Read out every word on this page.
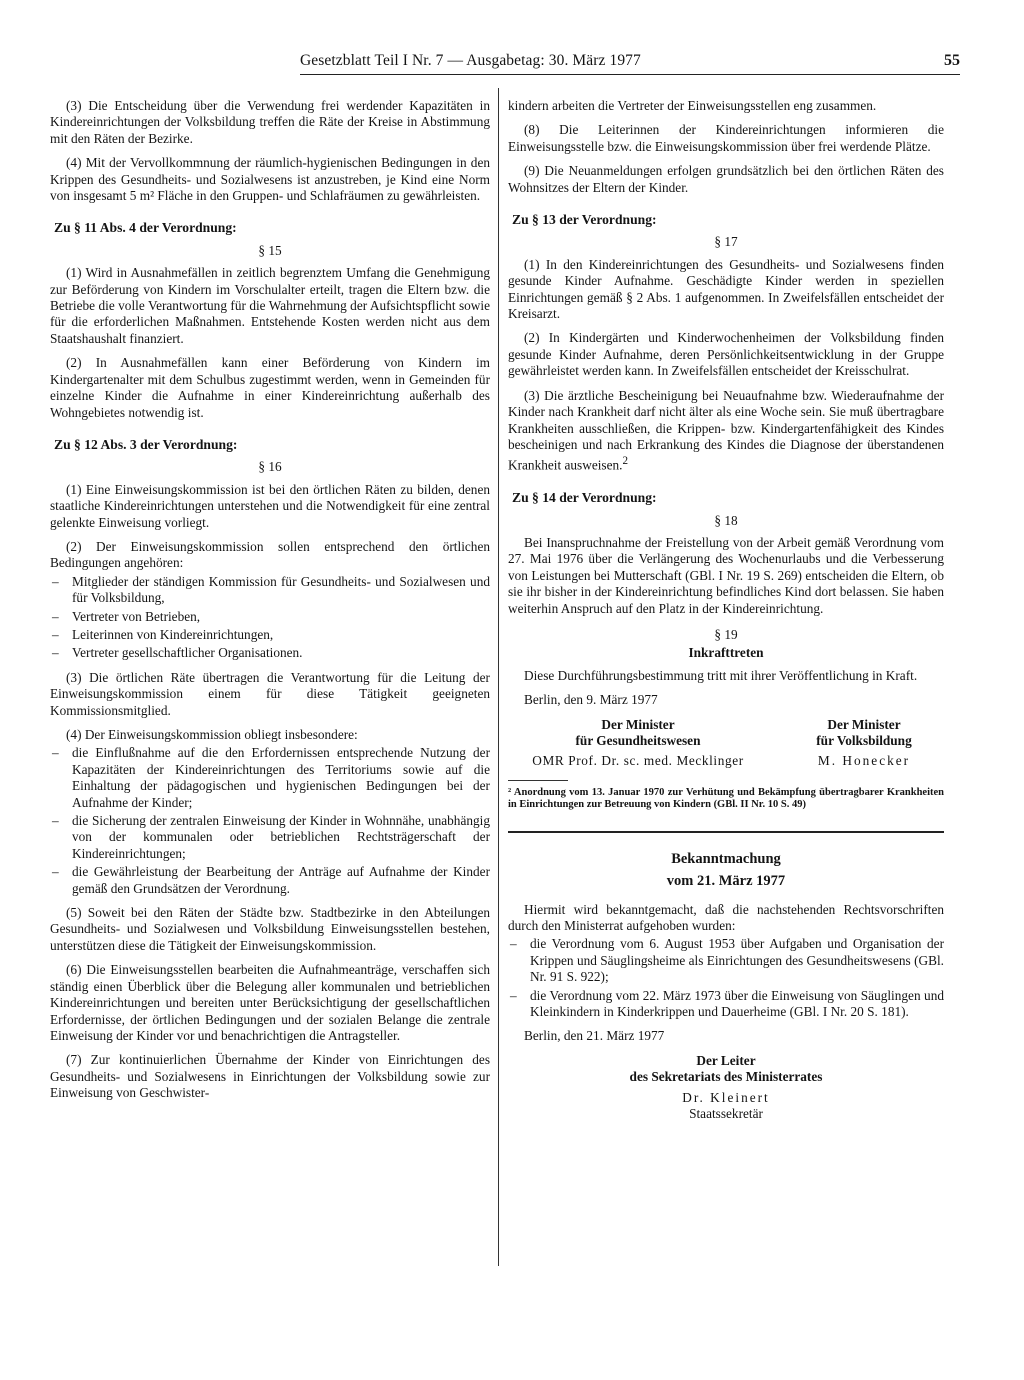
Gesetzblatt Teil I Nr. 7 — Ausgabetag: 30. März 1977	55

(3) Die Entscheidung über die Verwendung frei werdender Kapazitäten in Kindereinrichtungen der Volksbildung treffen die Räte der Kreise in Abstimmung mit den Räten der Bezirke.

(4) Mit der Vervollkommnung der räumlich-hygienischen Bedingungen in den Krippen des Gesundheits- und Sozialwesens ist anzustreben, je Kind eine Norm von insgesamt 5 m² Fläche in den Gruppen- und Schlafräumen zu gewährleisten.

Zu § 11 Abs. 4 der Verordnung:
§ 15

(1) Wird in Ausnahmefällen in zeitlich begrenztem Umfang die Genehmigung zur Beförderung von Kindern im Vorschulalter erteilt, tragen die Eltern bzw. die Betriebe die volle Verantwortung für die Wahrnehmung der Aufsichtspflicht sowie für die erforderlichen Maßnahmen. Entstehende Kosten werden nicht aus dem Staatshaushalt finanziert.

(2) In Ausnahmefällen kann einer Beförderung von Kindern im Kindergartenalter mit dem Schulbus zugestimmt werden, wenn in Gemeinden für einzelne Kinder die Aufnahme in einer Kindereinrichtung außerhalb des Wohngebietes notwendig ist.

Zu § 12 Abs. 3 der Verordnung:
§ 16

(1) Eine Einweisungskommission ist bei den örtlichen Räten zu bilden, denen staatliche Kindereinrichtungen unterstehen und die Notwendigkeit für eine zentral gelenkte Einweisung vorliegt.

(2) Der Einweisungskommission sollen entsprechend den örtlichen Bedingungen angehören:

– Mitglieder der ständigen Kommission für Gesundheits- und Sozialwesen und für Volksbildung,

– Vertreter von Betrieben,

– Leiterinnen von Kindereinrichtungen,

– Vertreter gesellschaftlicher Organisationen.

(3) Die örtlichen Räte übertragen die Verantwortung für die Leitung der Einweisungskommission einem für diese Tätigkeit geeigneten Kommissionsmitglied.

(4) Der Einweisungskommission obliegt insbesondere:

– die Einflußnahme auf die den Erfordernissen entsprechende Nutzung der Kapazitäten der Kindereinrichtungen des Territoriums sowie auf die Einhaltung der pädagogischen und hygienischen Bedingungen bei der Aufnahme der Kinder;

– die Sicherung der zentralen Einweisung der Kinder in Wohnnähe, unabhängig von der kommunalen oder betrieblichen Rechtsträgerschaft der Kindereinrichtungen;

– die Gewährleistung der Bearbeitung der Anträge auf Aufnahme der Kinder gemäß den Grundsätzen der Verordnung.

(5) Soweit bei den Räten der Städte bzw. Stadtbezirke in den Abteilungen Gesundheits- und Sozialwesen und Volksbildung Einweisungsstellen bestehen, unterstützen diese die Tätigkeit der Einweisungskommission.

(6) Die Einweisungsstellen bearbeiten die Aufnahmeanträge, verschaffen sich ständig einen Überblick über die Belegung aller kommunalen und betrieblichen Kindereinrichtungen und bereiten unter Berücksichtigung der gesellschaftlichen Erfordernisse, der örtlichen Bedingungen und der sozialen Belange die zentrale Einweisung der Kinder vor und benachrichtigen die Antragsteller.

(7) Zur kontinuierlichen Übernahme der Kinder von Einrichtungen des Gesundheits- und Sozialwesens in Einrichtungen der Volksbildung sowie zur Einweisung von Geschwister-

kindern arbeiten die Vertreter der Einweisungsstellen eng zusammen.

(8) Die Leiterinnen der Kindereinrichtungen informieren die Einweisungsstelle bzw. die Einweisungskommission über frei werdende Plätze.

(9) Die Neuanmeldungen erfolgen grundsätzlich bei den örtlichen Räten des Wohnsitzes der Eltern der Kinder.

Zu § 13 der Verordnung:
§ 17

(1) In den Kindereinrichtungen des Gesundheits- und Sozialwesens finden gesunde Kinder Aufnahme. Geschädigte Kinder werden in speziellen Einrichtungen gemäß § 2 Abs. 1 aufgenommen. In Zweifelsfällen entscheidet der Kreisarzt.

(2) In Kindergärten und Kinderwochenheimen der Volksbildung finden gesunde Kinder Aufnahme, deren Persönlichkeitsentwicklung in der Gruppe gewährleistet werden kann. In Zweifelsfällen entscheidet der Kreisschulrat.

(3) Die ärztliche Bescheinigung bei Neuaufnahme bzw. Wiederaufnahme der Kinder nach Krankheit darf nicht älter als eine Woche sein. Sie muß übertragbare Krankheiten ausschließen, die Krippen- bzw. Kindergartenfähigkeit des Kindes bescheinigen und nach Erkrankung des Kindes die Diagnose der überstandenen Krankheit ausweisen.$^2$

Zu § 14 der Verordnung:
§ 18

Bei Inanspruchnahme der Freistellung von der Arbeit gemäß Verordnung vom 27. Mai 1976 über die Verlängerung des Wochenurlaubs und die Verbesserung von Leistungen bei Mutterschaft (GBl. I Nr. 19 S. 269) entscheiden die Eltern, ob sie ihr bisher in der Kindereinrichtung befindliches Kind dort belassen. Sie haben weiterhin Anspruch auf den Platz in der Kindereinrichtung.

§ 19
Inkrafttreten

Diese Durchführungsbestimmung tritt mit ihrer Veröffentlichung in Kraft.

Berlin, den 9. März 1977

Der Minister
für Gesundheitswesen
OMR Prof. Dr. sc. med. Mecklinger
Der Minister
für Volksbildung
M. Honecker

² Anordnung vom 13. Januar 1970 zur Verhütung und Bekämpfung übertragbarer Krankheiten in Einrichtungen zur Betreuung von Kindern (GBl. II Nr. 10 S. 49)

Bekanntmachung
vom 21. März 1977

Hiermit wird bekanntgemacht, daß die nachstehenden Rechtsvorschriften durch den Ministerrat aufgehoben wurden:

– die Verordnung vom 6. August 1953 über Aufgaben und Organisation der Krippen und Säuglingsheime als Einrichtungen des Gesundheitswesens (GBl. Nr. 91 S. 922);

– die Verordnung vom 22. März 1973 über die Einweisung von Säuglingen und Kleinkindern in Kinderkrippen und Dauerheime (GBl. I Nr. 20 S. 181).

Berlin, den 21. März 1977

Der Leiter
des Sekretariats des Ministerrates
Dr. Kleinert
Staatssekretär
